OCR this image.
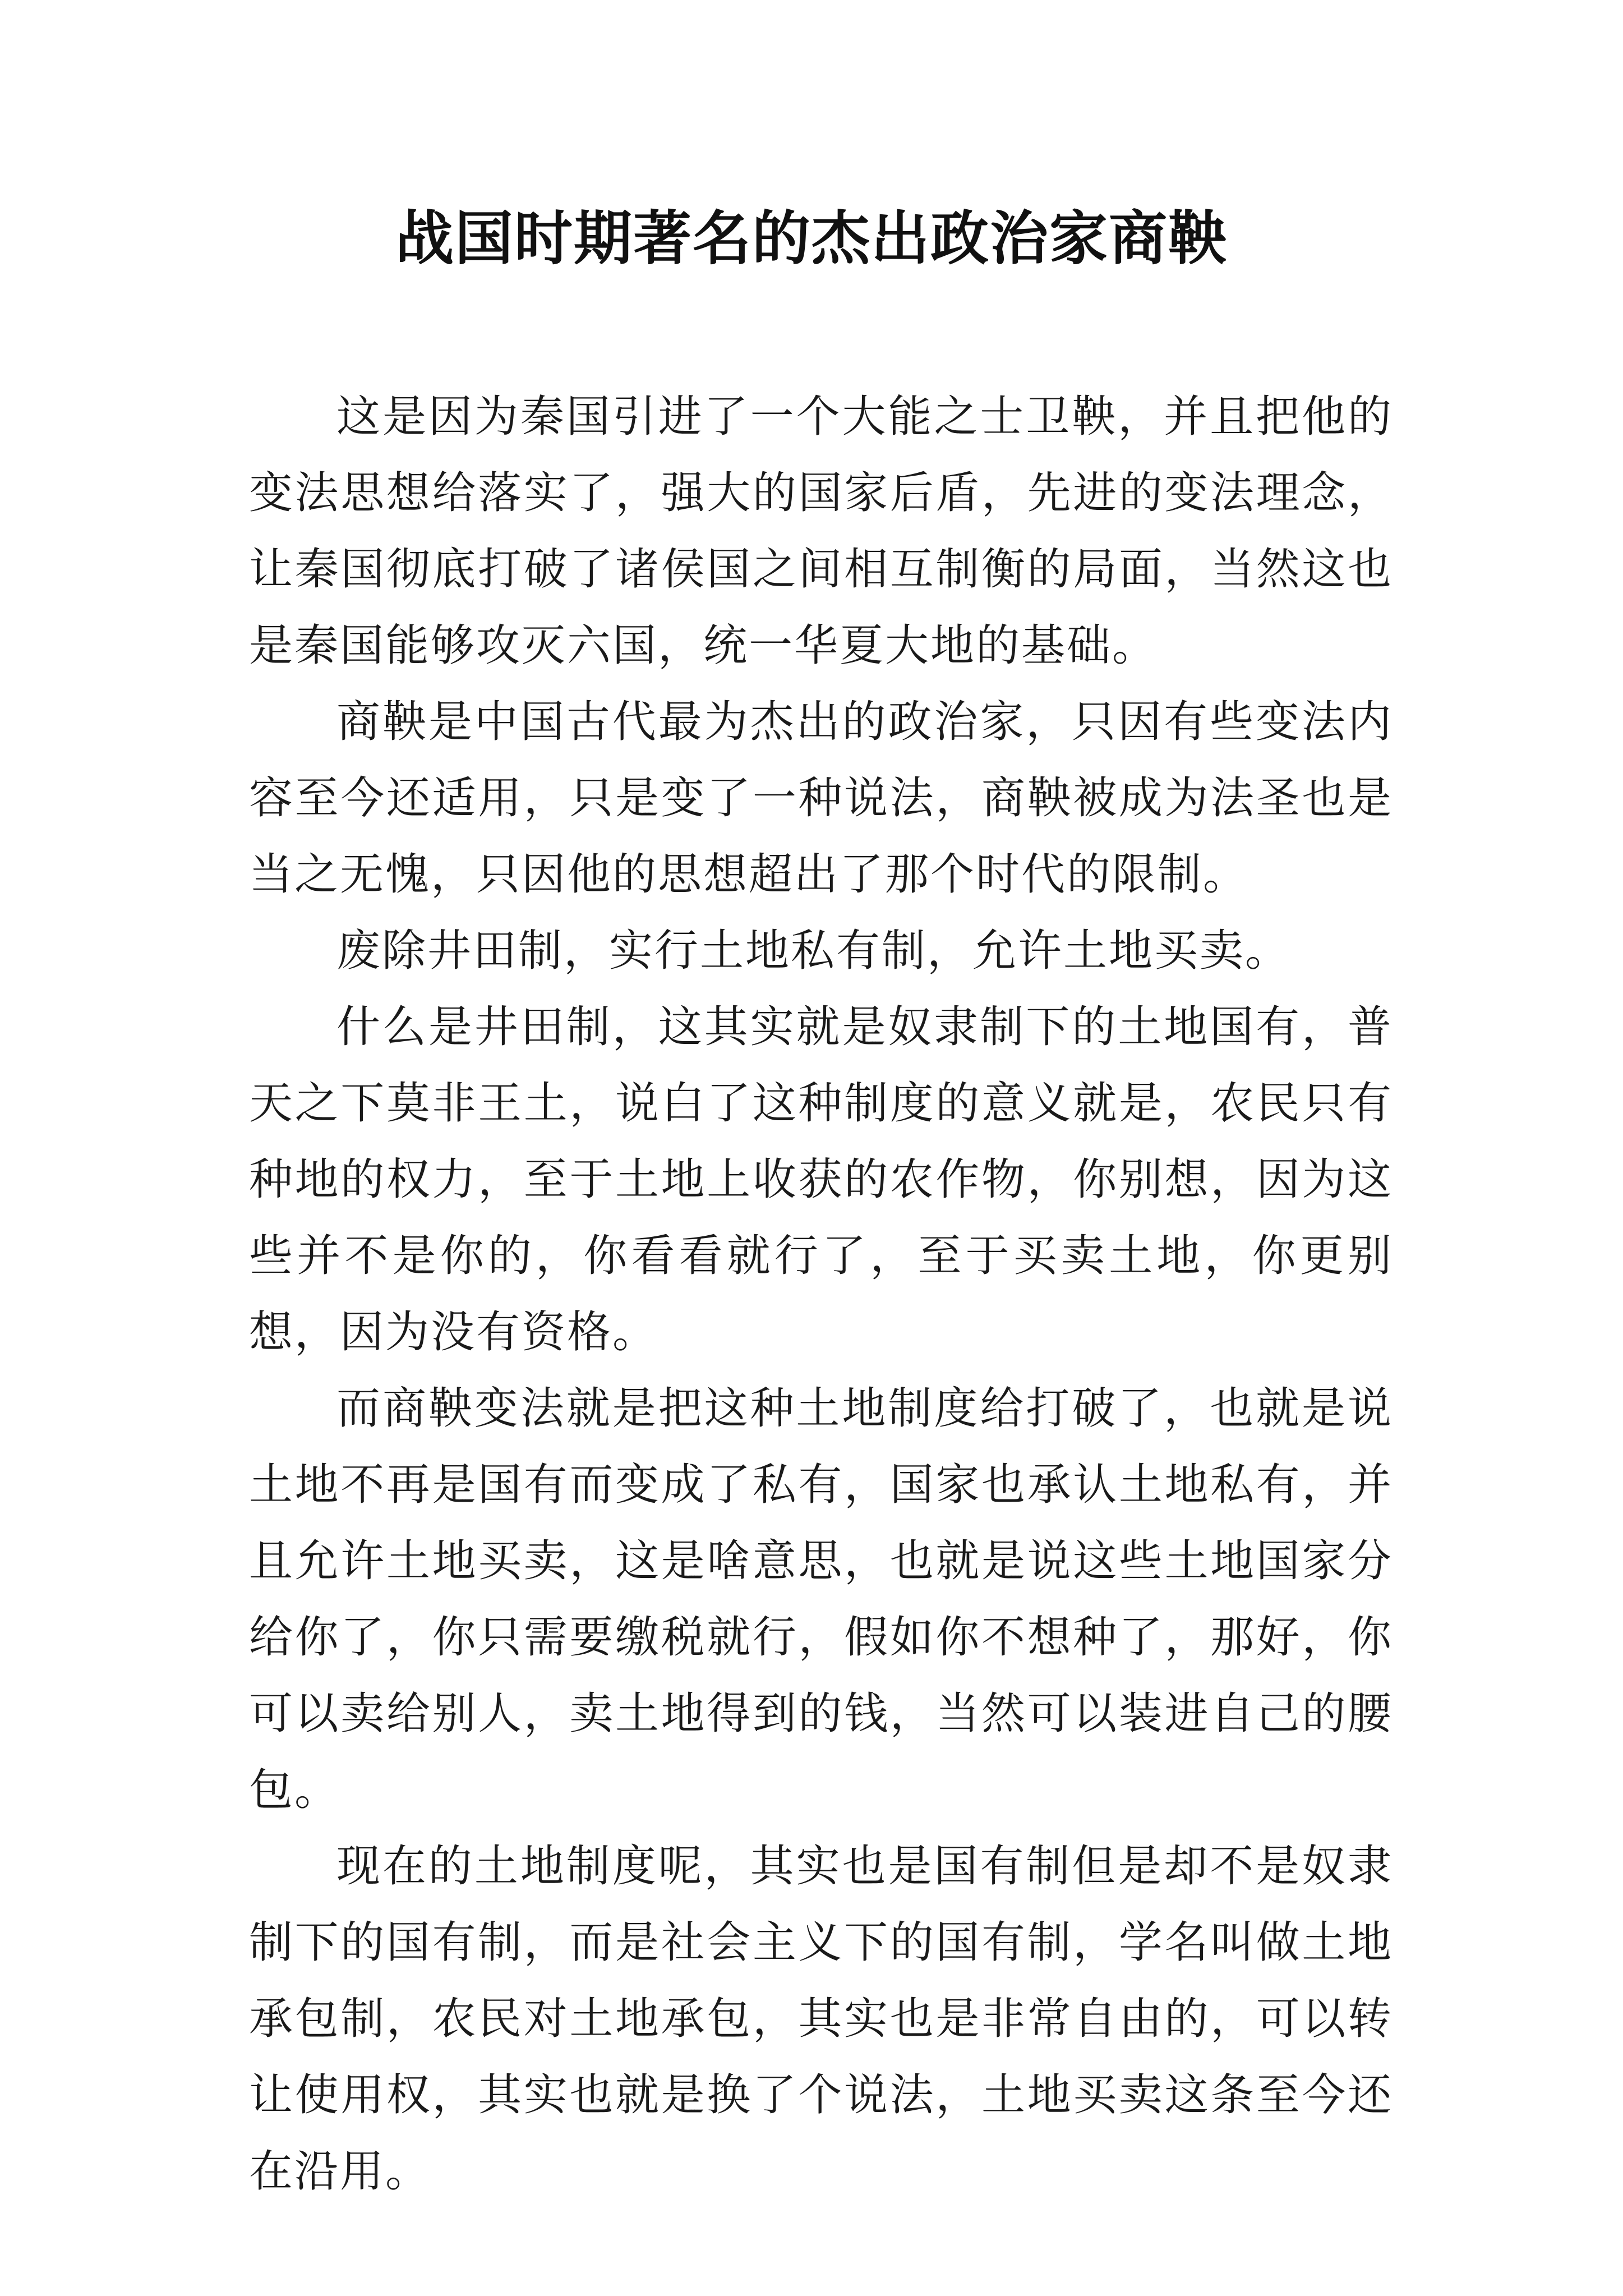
战国时期著名的杰出政治家商鞅

这是因为秦国引进了一个大能之士卫鞅，并且把他的变法思想给落实了，强大的国家后盾，先进的变法理念，让秦国彻底打破了诸侯国之间相互制衡的局面，当然这也是秦国能够攻灭六国，统一华夏大地的基础。

商鞅是中国古代最为杰出的政治家，只因有些变法内容至今还适用，只是变了一种说法，商鞅被成为法圣也是当之无愧，只因他的思想超出了那个时代的限制。

废除井田制，实行土地私有制，允许土地买卖。

什么是井田制，这其实就是奴隶制下的土地国有，普天之下莫非王土，说白了这种制度的意义就是，农民只有种地的权力，至于土地上收获的农作物，你别想，因为这些并不是你的，你看看就行了，至于买卖土地，你更别想，因为没有资格。

而商鞅变法就是把这种土地制度给打破了，也就是说土地不再是国有而变成了私有，国家也承认土地私有，并且允许土地买卖，这是啥意思，也就是说这些土地国家分给你了，你只需要缴税就行，假如你不想种了，那好，你可以卖给别人，卖土地得到的钱，当然可以装进自己的腰包。

现在的土地制度呢，其实也是国有制但是却不是奴隶制下的国有制，而是社会主义下的国有制，学名叫做土地承包制，农民对土地承包，其实也是非常自由的，可以转让使用权，其实也就是换了个说法，土地买卖这条至今还在沿用。
